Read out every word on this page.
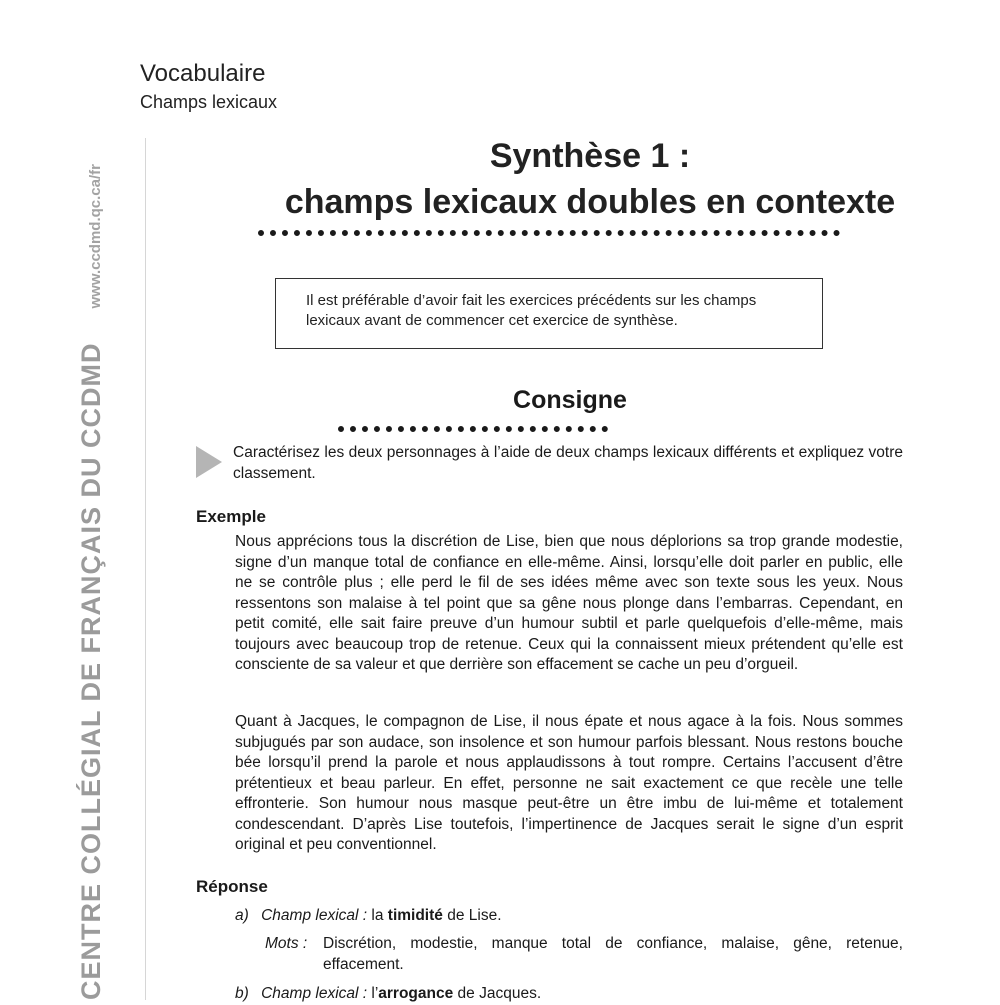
CENTRE COLLÉGIAL DE FRANÇAIS DU CCDMDwww.ccdmd.qc.ca/fr
Vocabulaire
Champs lexicaux
Synthèse 1 :
champs lexicaux doubles en contexte
Il est préférable d’avoir fait les exercices précédents sur les champs lexicaux avant de commencer cet exercice de synthèse.
Consigne
Caractérisez les deux personnages à l’aide de deux champs lexicaux différents et expliquez votre classement.
Exemple
Nous apprécions tous la discrétion de Lise, bien que nous déplorions sa trop grande modestie, signe d’un manque total de confiance en elle-même. Ainsi, lorsqu’elle doit parler en public, elle ne se contrôle plus ; elle perd le fil de ses idées même avec son texte sous les yeux. Nous ressentons son malaise à tel point que sa gêne nous plonge dans l’embarras. Cependant, en petit comité, elle sait faire preuve d’un humour subtil et parle quelquefois d’elle-même, mais toujours avec beaucoup trop de retenue. Ceux qui la connaissent mieux prétendent qu’elle est consciente de sa valeur et que derrière son effacement se cache un peu d’orgueil.
Quant à Jacques, le compagnon de Lise, il nous épate et nous agace à la fois. Nous sommes subjugués par son audace, son insolence et son humour parfois blessant. Nous restons bouche bée lorsqu’il prend la parole et nous applaudissons à tout rompre. Certains l’accusent d’être prétentieux et beau parleur. En effet, personne ne sait exactement ce que recèle une telle effronterie. Son humour nous masque peut-être un être imbu de lui-même et totalement condescendant. D’après Lise toutefois, l’impertinence de Jacques serait le signe d’un esprit original et peu conventionnel.
Réponse
a) Champ lexical : la timidité de Lise.
Mots : Discrétion, modestie, manque total de confiance, malaise, gêne, retenue, effacement.
b) Champ lexical : l’arrogance de Jacques.
